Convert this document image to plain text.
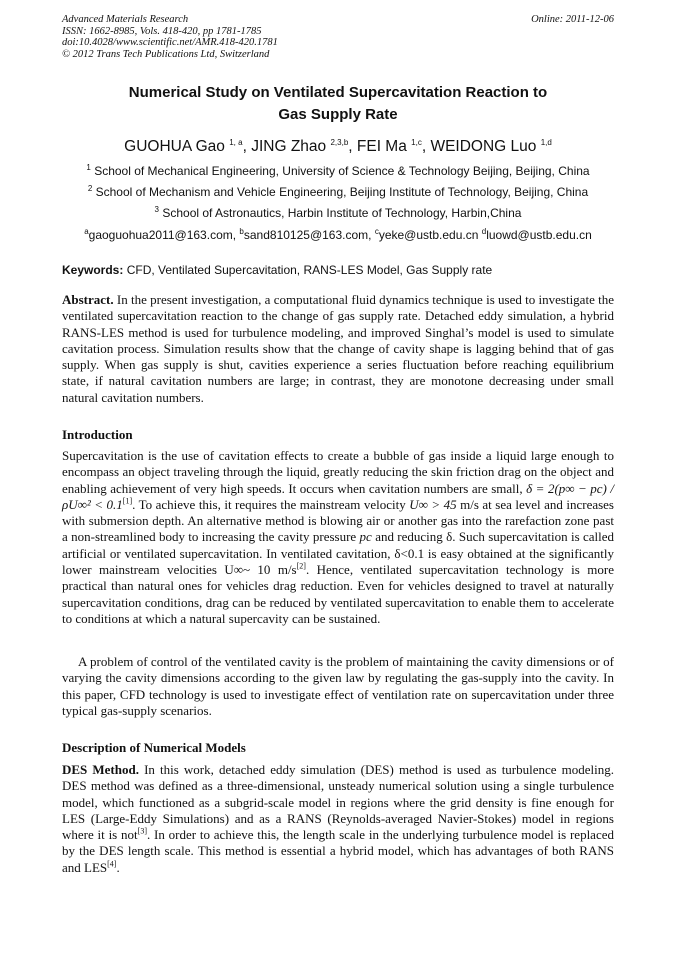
Advanced Materials Research
ISSN: 1662-8985, Vols. 418-420, pp 1781-1785
doi:10.4028/www.scientific.net/AMR.418-420.1781
© 2012 Trans Tech Publications Ltd, Switzerland
Online: 2011-12-06
Numerical Study on Ventilated Supercavitation Reaction to
Gas Supply Rate
GUOHUA Gao $^{1, a}$, JING Zhao $^{2,3,b}$, FEI Ma $^{1,c}$, WEIDONG Luo $^{1,d}$
$^1$ School of Mechanical Engineering, University of Science & Technology Beijing, Beijing, China
$^2$ School of Mechanism and Vehicle Engineering, Beijing Institute of Technology, Beijing, China
$^3$ School of Astronautics, Harbin Institute of Technology, Harbin,China
$^a$gaoguohua2011@163.com, $^b$sand810125@163.com, $^c$yeke@ustb.edu.cn $^d$luowd@ustb.edu.cn
Keywords: CFD, Ventilated Supercavitation, RANS-LES Model, Gas Supply rate
Abstract. In the present investigation, a computational fluid dynamics technique is used to investigate the ventilated supercavitation reaction to the change of gas supply rate. Detached eddy simulation, a hybrid RANS-LES method is used for turbulence modeling, and improved Singhal’s model is used to simulate cavitation process. Simulation results show that the change of cavity shape is lagging behind that of gas supply. When gas supply is shut, cavities experience a series fluctuation before reaching equilibrium state, if natural cavitation numbers are large; in contrast, they are monotone decreasing under small natural cavitation numbers.
Introduction
Supercavitation is the use of cavitation effects to create a bubble of gas inside a liquid large enough to encompass an object traveling through the liquid, greatly reducing the skin friction drag on the object and enabling achievement of very high speeds. It occurs when cavitation numbers are small, δ = 2(p∞ − pc) / ρU∞² < 0.1[1]. To achieve this, it requires the mainstream velocity U∞ > 45 m/s at sea level and increases with submersion depth. An alternative method is blowing air or another gas into the rarefaction zone past a non-streamlined body to increasing the cavity pressure pc and reducing δ. Such supercavitation is called artificial or ventilated supercavitation. In ventilated cavitation, δ<0.1 is easy obtained at the significantly lower mainstream velocities U∞~ 10 m/s[2]. Hence, ventilated supercavitation technology is more practical than natural ones for vehicles drag reduction. Even for vehicles designed to travel at naturally supercavitation conditions, drag can be reduced by ventilated supercavitation to enable them to accelerate to conditions at which a natural supercavity can be sustained.
A problem of control of the ventilated cavity is the problem of maintaining the cavity dimensions or of varying the cavity dimensions according to the given law by regulating the gas-supply into the cavity. In this paper, CFD technology is used to investigate effect of ventilation rate on supercavitation under three typical gas-supply scenarios.
Description of Numerical Models
DES Method. In this work, detached eddy simulation (DES) method is used as turbulence modeling. DES method was defined as a three-dimensional, unsteady numerical solution using a single turbulence model, which functioned as a subgrid-scale model in regions where the grid density is fine enough for LES (Large-Eddy Simulations) and as a RANS (Reynolds-averaged Navier-Stokes) model in regions where it is not[3]. In order to achieve this, the length scale in the underlying turbulence model is replaced by the DES length scale. This method is essential a hybrid model, which has advantages of both RANS and LES[4].
